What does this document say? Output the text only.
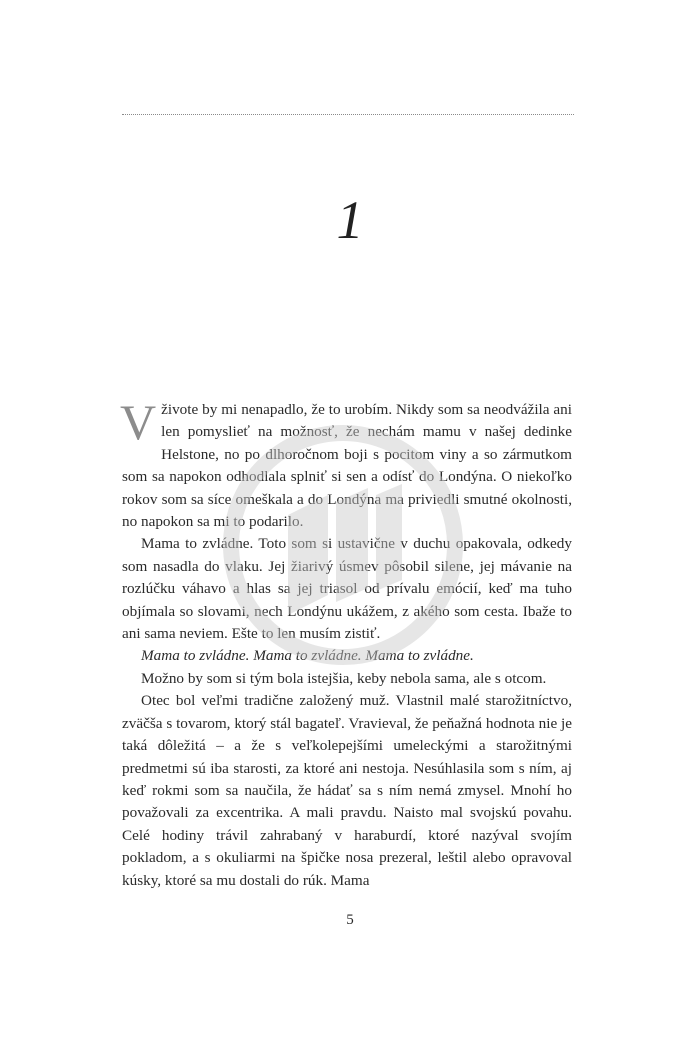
1

V živote by mi nenapadlo, že to urobím. Nikdy som sa neodvážila ani len pomyslieť na možnosť, že nechám mamu v našej dedinke Helstone, no po dlhoročnom boji s pocitom viny a so zármutkom som sa napokon odhodlala splniť si sen a odísť do Londýna. O niekoľko rokov som sa síce omeškala a do Londýna ma priviedli smutné okolnosti, no napokon sa mi to podarilo.

Mama to zvládne. Toto som si ustavične v duchu opakovala, odkedy som nasadla do vlaku. Jej žiarivý úsmev pôsobil silene, jej mávanie na rozlúčku váhavo a hlas sa jej triasol od prívalu emócií, keď ma tuho objímala so slovami, nech Londýnu ukážem, z akého som cesta. Ibaže to ani sama neviem. Ešte to len musím zistiť.

Mama to zvládne. Mama to zvládne. Mama to zvládne.

Možno by som si tým bola istejšia, keby nebola sama, ale s otcom.

Otec bol veľmi tradične založený muž. Vlastnil malé starožitníctvo, zväčša s tovarom, ktorý stál bagateľ. Vravieval, že peňažná hodnota nie je taká dôležitá – a že s veľkolepejšími umeleckými a starožitnými predmetmi sú iba starosti, za ktoré ani nestoja. Nesúhlasila som s ním, aj keď rokmi som sa naučila, že hádať sa s ním nemá zmysel. Mnohí ho považovali za excentrika. A mali pravdu. Naisto mal svojskú povahu. Celé hodiny trávil zahrabaný v haraburdí, ktoré nazýval svojím pokladom, a s okuliarmi na špičke nosa prezeral, leštil alebo opravoval kúsky, ktoré sa mu dostali do rúk. Mama

5
